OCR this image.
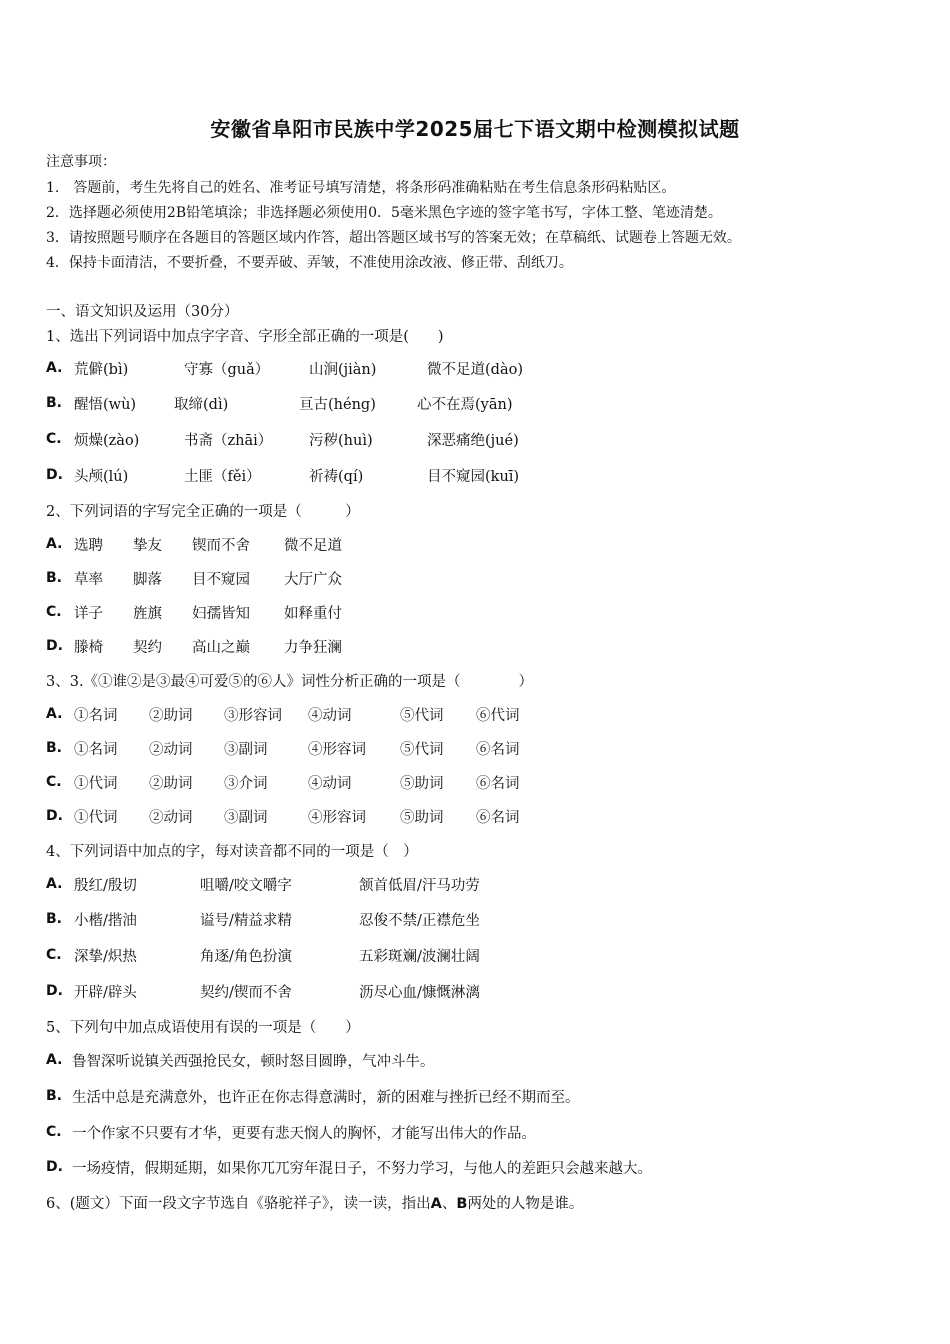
安徽省阜阳市民族中学2025届七下语文期中检测模拟试题
注意事项：
1.　答题前，考生先将自己的姓名、准考证号填写清楚，将条形码准确粘贴在考生信息条形码粘贴区。
2．选择题必须使用2B铅笔填涂；非选择题必须使用0．5毫米黑色字迹的签字笔书写，字体工整、笔迹清楚。
3．请按照题号顺序在各题目的答题区域内作答，超出答题区域书写的答案无效；在草稿纸、试题卷上答题无效。
4．保持卡面清洁，不要折叠，不要弄破、弄皱，不准使用涂改液、修正带、刮纸刀。
一、语文知识及运用（30分）
1、选出下列词语中加点字字音、字形全部正确的一项是(　　)
A. 荒僻(bì)	守寡（guǎ）	山涧(jiàn)	微不足道(dào)
B. 醒悟(wù)	取缔(dì)	亘古(héng)	心不在焉(yān)
C. 烦燥(zào)	书斋（zhāi）	污秽(huì)	深恶痛绝(jué)
D. 头颅(lú)	土匪（fěi）	祈祷(qí)	目不窥园(kuī)
2、下列词语的字写完全正确的一项是（　　　）
A. 选聘 挚友 锲而不舍 微不足道
B. 草率 脚落 目不窥园 大厅广众
C. 详子 旌旗 妇孺皆知 如释重付
D. 滕椅 契约 高山之巅 力争狂澜
3、3.《①谁②是③最④可爱⑤的⑥人》词性分析正确的一项是（　　　　）
A. ①名词 ②助词 ③形容词 ④动词	⑤代词 ⑥代词
B. ①名词 ②动词 ③副词	④形容词 ⑤代词 ⑥名词
C. ①代词 ②助词 ③介词	④动词	⑤助词 ⑥名词
D. ①代词 ②动词 ③副词	④形容词 ⑤助词 ⑥名词
4、下列词语中加点的字，每对读音都不同的一项是（　）
A. 殷红/殷切	咀嚼/咬文嚼字	颔首低眉/汗马功劳
B. 小楷/揩油	谥号/精益求精	忍俊不禁/正襟危坐
C. 深挚/炽热	角逐/角色扮演	五彩斑斓/波澜壮阔
D. 开辟/辟头	契约/锲而不舍	沥尽心血/慷慨淋漓
5、下列句中加点成语使用有误的一项是（　　）
A. 鲁智深听说镇关西强抢民女，顿时怒目圆睁，气冲斗牛。
B. 生活中总是充满意外，也许正在你志得意满时，新的困难与挫折已经不期而至。
C. 一个作家不只要有才华，更要有悲天悯人的胸怀，才能写出伟大的作品。
D. 一场疫情，假期延期，如果你兀兀穷年混日子，不努力学习，与他人的差距只会越来越大。
6、(题文）下面一段文字节选自《骆驼祥子》，读一读，指出A、B两处的人物是谁。
